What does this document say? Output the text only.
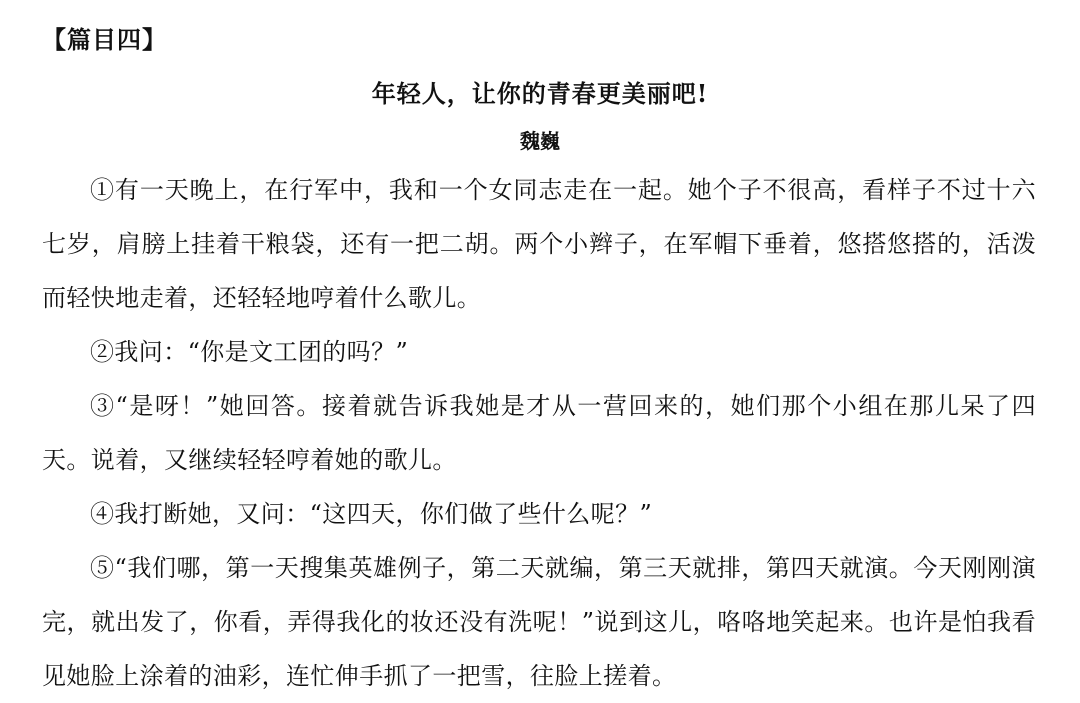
【篇目四】
年轻人，让你的青春更美丽吧!
魏巍

①有一天晚上，在行军中，我和一个女同志走在一起。她个子不很高，看样子不过十六七岁，肩膀上挂着干粮袋，还有一把二胡。两个小辫子，在军帽下垂着，悠搭悠搭的，活泼而轻快地走着，还轻轻地哼着什么歌儿。

②我问：“你是文工团的吗？”

③“是呀！”她回答。接着就告诉我她是才从一营回来的，她们那个小组在那儿呆了四天。说着，又继续轻轻哼着她的歌儿。

④我打断她，又问：“这四天，你们做了些什么呢？”

⑤“我们哪，第一天搜集英雄例子，第二天就编，第三天就排，第四天就演。今天刚刚演完，就出发了，你看，弄得我化的妆还没有洗呢！”说到这儿，咯咯地笑起来。也许是怕我看见她脸上涂着的油彩，连忙伸手抓了一把雪，往脸上搓着。
